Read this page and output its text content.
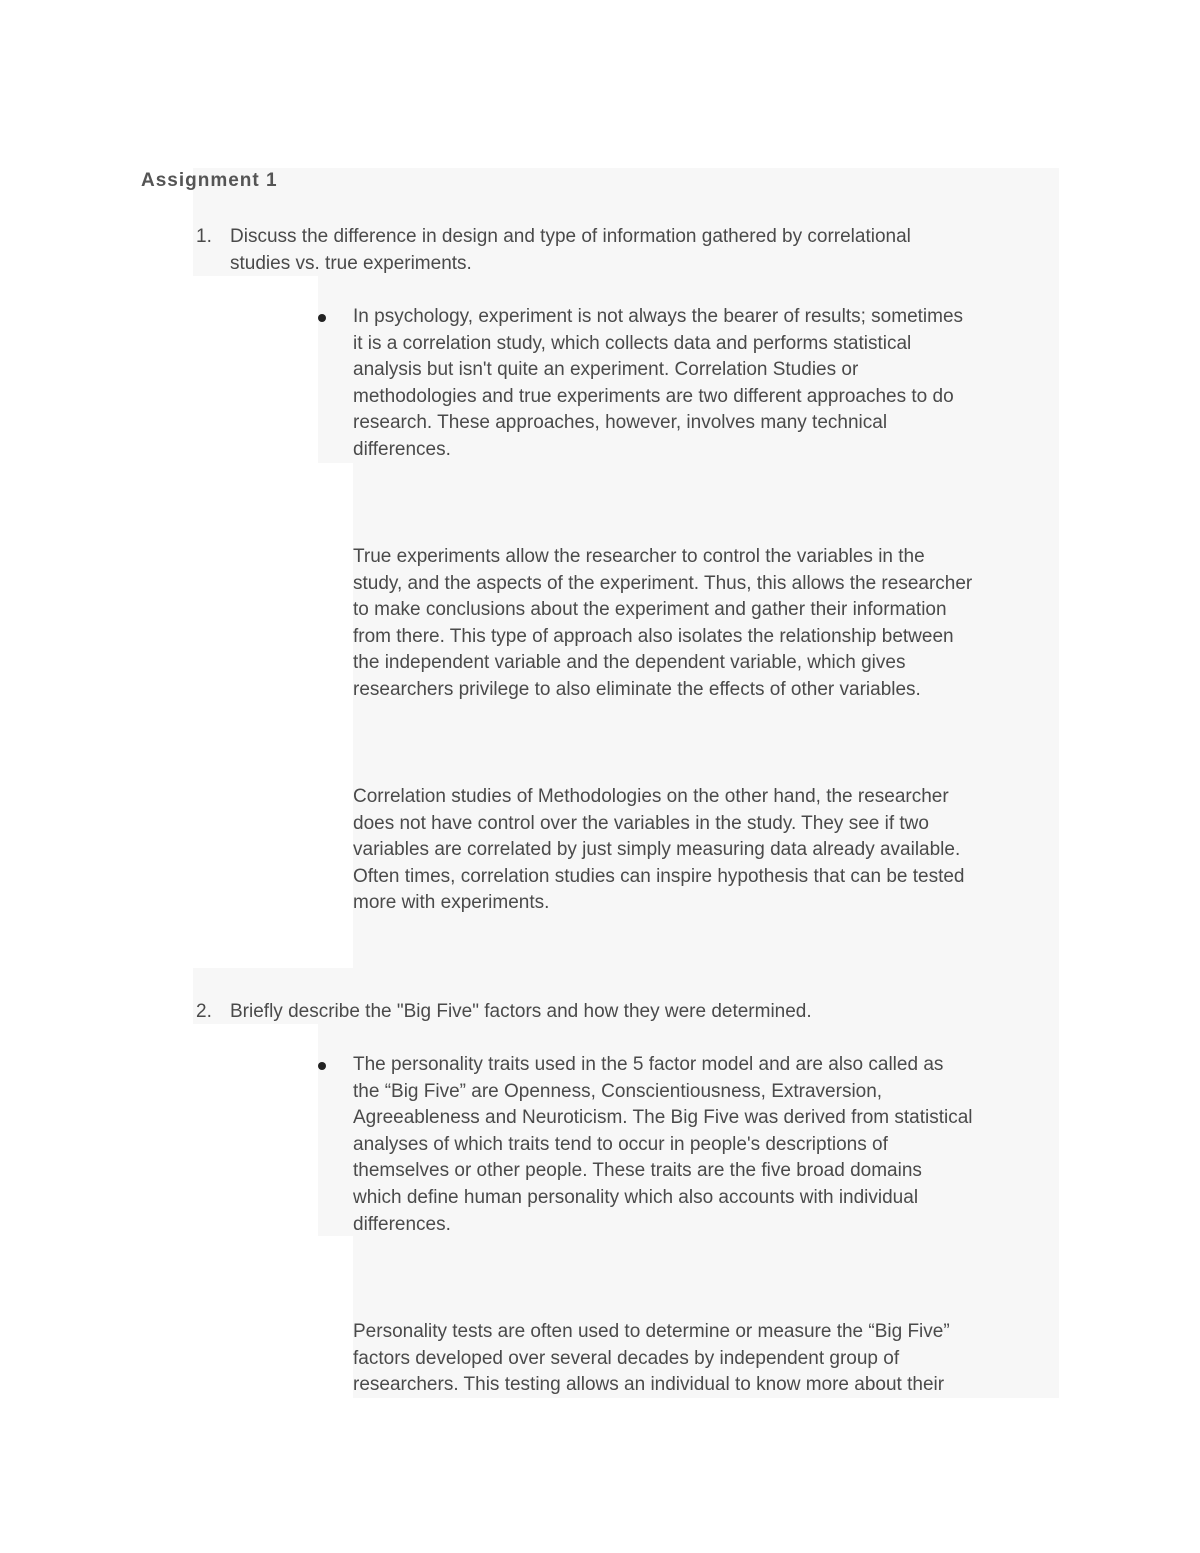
Assignment 1
1. Discuss the difference in design and type of information gathered by correlational
studies vs. true experiments.
In psychology, experiment is not always the bearer of results; sometimes
it is a correlation study, which collects data and performs statistical
analysis but isn't quite an experiment. Correlation Studies or
methodologies and true experiments are two different approaches to do
research. These approaches, however, involves many technical
differences.
True experiments allow the researcher to control the variables in the
study, and the aspects of the experiment. Thus, this allows the researcher
to make conclusions about the experiment and gather their information
from there. This type of approach also isolates the relationship between
the independent variable and the dependent variable, which gives
researchers privilege to also eliminate the effects of other variables.
Correlation studies of Methodologies on the other hand, the researcher
does not have control over the variables in the study. They see if two
variables are correlated by just simply measuring data already available.
Often times, correlation studies can inspire hypothesis that can be tested
more with experiments.
2. Briefly describe the "Big Five" factors and how they were determined.
The personality traits used in the 5 factor model and are also called as
the “Big Five” are Openness, Conscientiousness, Extraversion,
Agreeableness and Neuroticism. The Big Five was derived from statistical
analyses of which traits tend to occur in people's descriptions of
themselves or other people. These traits are the five broad domains
which define human personality which also accounts with individual
differences.
Personality tests are often used to determine or measure the “Big Five”
factors developed over several decades by independent group of
researchers. This testing allows an individual to know more about their
